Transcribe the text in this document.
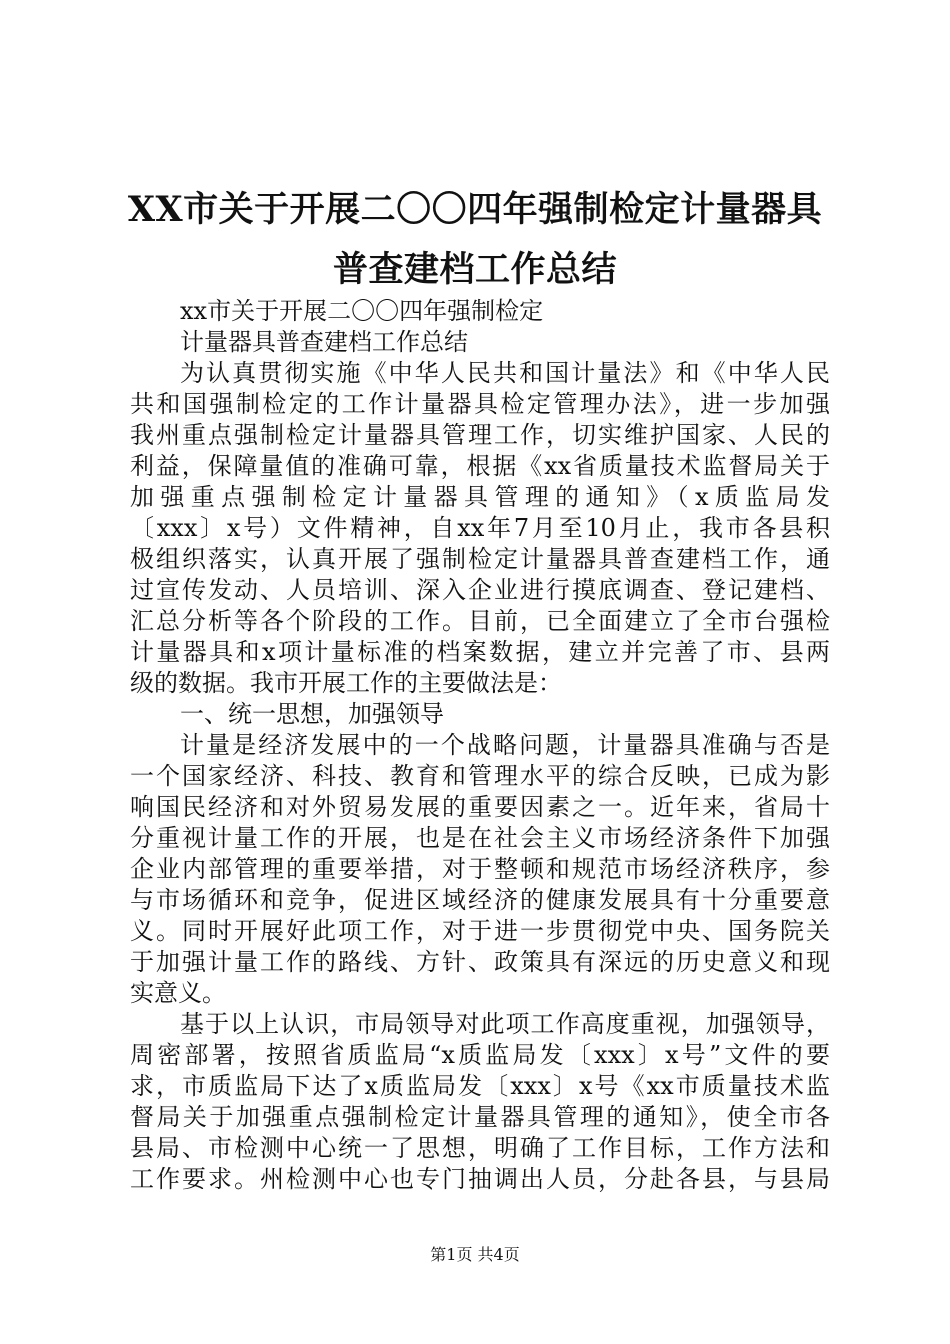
XX市关于开展二〇〇四年强制检定计量器具
普查建档工作总结
xx市关于开展二〇〇四年强制检定
计量器具普查建档工作总结
为认真贯彻实施《中华人民共和国计量法》和《中华人民
共和国强制检定的工作计量器具检定管理办法》，进一步加强
我州重点强制检定计量器具管理工作，切实维护国家、人民的
利益，保障量值的准确可靠，根据《xx省质量技术监督局关于
加强重点强制检定计量器具管理的通知》（x质监局发
〔xxx〕x号）文件精神，自xx年7月至10月止，我市各县积
极组织落实，认真开展了强制检定计量器具普查建档工作，通
过宣传发动、人员培训、深入企业进行摸底调查、登记建档、
汇总分析等各个阶段的工作。目前，已全面建立了全市台强检
计量器具和x项计量标准的档案数据，建立并完善了市、县两
级的数据。我市开展工作的主要做法是：
一、统一思想，加强领导
计量是经济发展中的一个战略问题，计量器具准确与否是
一个国家经济、科技、教育和管理水平的综合反映，已成为影
响国民经济和对外贸易发展的重要因素之一。近年来，省局十
分重视计量工作的开展，也是在社会主义市场经济条件下加强
企业内部管理的重要举措，对于整顿和规范市场经济秩序，参
与市场循环和竞争，促进区域经济的健康发展具有十分重要意
义。同时开展好此项工作，对于进一步贯彻党中央、国务院关
于加强计量工作的路线、方针、政策具有深远的历史意义和现
实意义。
基于以上认识，市局领导对此项工作高度重视，加强领导，
周密部署，按照省质监局“x质监局发〔xxx〕x号”文件的要
求，市质监局下达了x质监局发〔xxx〕x号《xx市质量技术监
督局关于加强重点强制检定计量器具管理的通知》，使全市各
县局、市检测中心统一了思想，明确了工作目标，工作方法和
工作要求。州检测中心也专门抽调出人员，分赴各县，与县局
第1页 共4页
